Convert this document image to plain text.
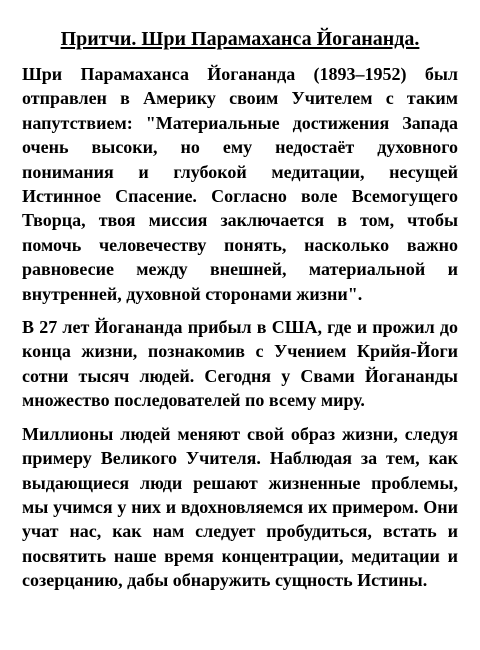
Притчи. Шри Парамаханса Йогананда.

Шри Парамаханса Йогананда (1893–1952) был отправлен в Америку своим Учителем с таким напутствием: "Материальные достижения Запада очень высоки, но ему недостаёт духовного понимания и глубокой медитации, несущей Истинное Спасение. Согласно воле Всемогущего Творца, твоя миссия заключается в том, чтобы помочь человечеству понять, насколько важно равновесие между внешней, материальной и внутренней, духовной сторонами жизни".

В 27 лет Йогананда прибыл в США, где и прожил до конца жизни, познакомив с Учением Крийя-Йоги сотни тысяч людей. Сегодня у Свами Йогананды множество последователей по всему миру.

Миллионы людей меняют свой образ жизни, следуя примеру Великого Учителя. Наблюдая за тем, как выдающиеся люди решают жизненные проблемы, мы учимся у них и вдохновляемся их примером. Они учат нас, как нам следует пробудиться, встать и посвятить наше время концентрации, медитации и созерцанию, дабы обнаружить сущность Истины.
